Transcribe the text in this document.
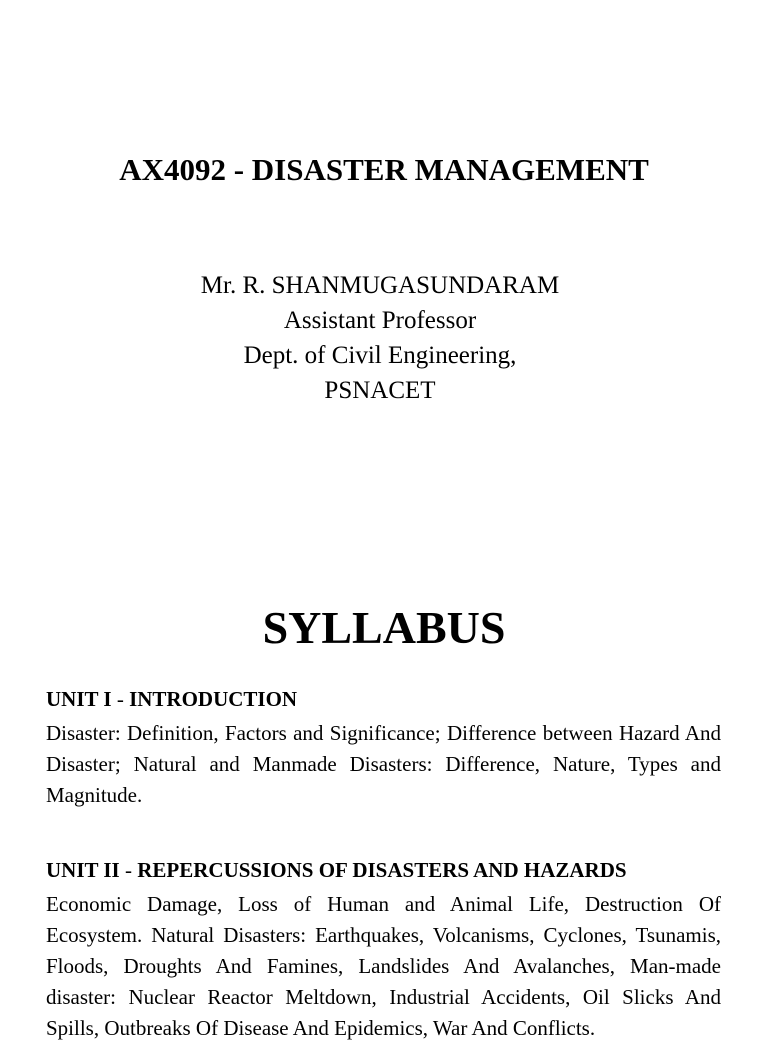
AX4092 - DISASTER MANAGEMENT
Mr. R. SHANMUGASUNDARAM
Assistant Professor
Dept. of Civil Engineering,
PSNACET
SYLLABUS
UNIT I - INTRODUCTION

Disaster: Definition, Factors and Significance; Difference between Hazard And Disaster; Natural and Manmade Disasters: Difference, Nature, Types and Magnitude.

UNIT II - REPERCUSSIONS OF DISASTERS AND HAZARDS

Economic Damage, Loss of Human and Animal Life, Destruction Of Ecosystem. Natural Disasters: Earthquakes, Volcanisms, Cyclones, Tsunamis, Floods, Droughts And Famines, Landslides And Avalanches, Man-made disaster: Nuclear Reactor Meltdown, Industrial Accidents, Oil Slicks And Spills, Outbreaks Of Disease And Epidemics, War And Conflicts.
